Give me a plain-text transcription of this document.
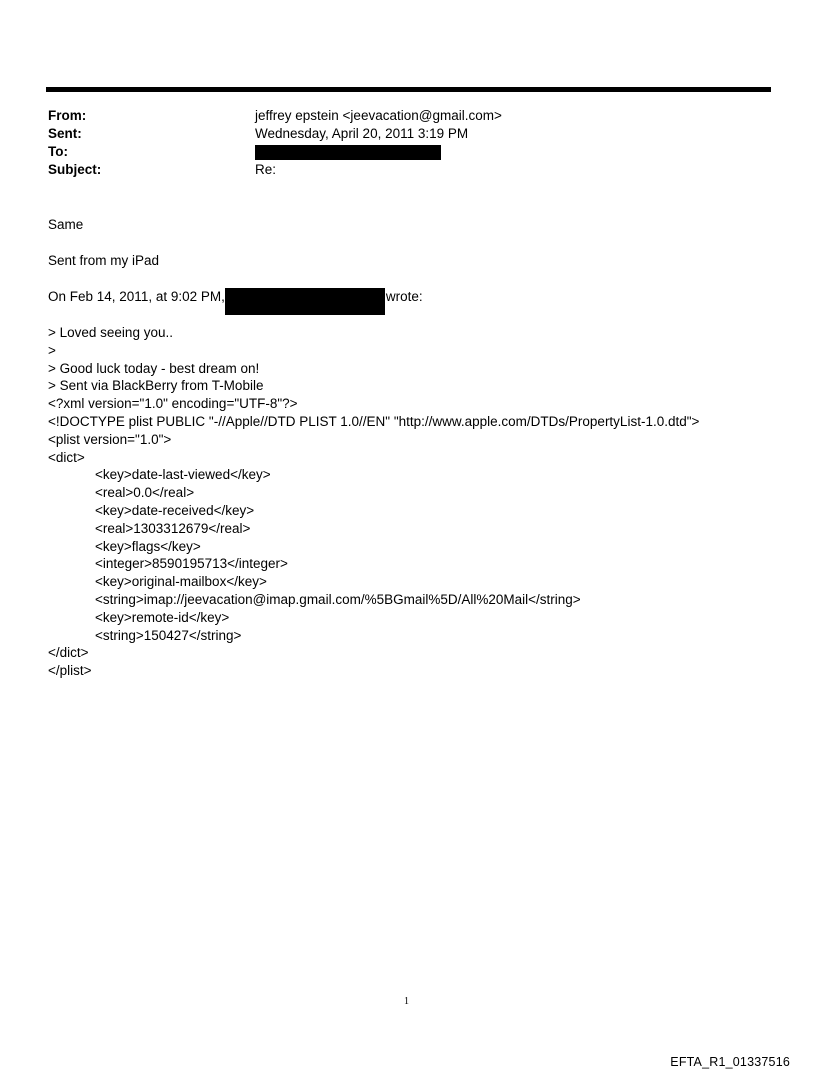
From:	jeffrey epstein <jeevacation@gmail.com>
Sent:	Wednesday, April 20, 2011 3:19 PM
To:
Subject:	Re:
Same
Sent from my iPad
On Feb 14, 2011, at 9:02 PM,	wrote:
> Loved seeing you..
>
> Good luck today - best dream on!
> Sent via BlackBerry from T-Mobile
<?xml version="1.0" encoding="UTF-8"?>
<!DOCTYPE plist PUBLIC "-//Apple//DTD PLIST 1.0//EN" "http://www.apple.com/DTDs/PropertyList-1.0.dtd">
<plist version="1.0">
<dict>
<key>date-last-viewed</key>
<real>0.0</real>
<key>date-received</key>
<real>1303312679</real>
<key>flags</key>
<integer>8590195713</integer>
<key>original-mailbox</key>
<string>imap://jeevacation@imap.gmail.com/%5BGmail%5D/All%20Mail</string>
<key>remote-id</key>
<string>150427</string>
</dict>
</plist>
1
EFTA_R1_01337516
